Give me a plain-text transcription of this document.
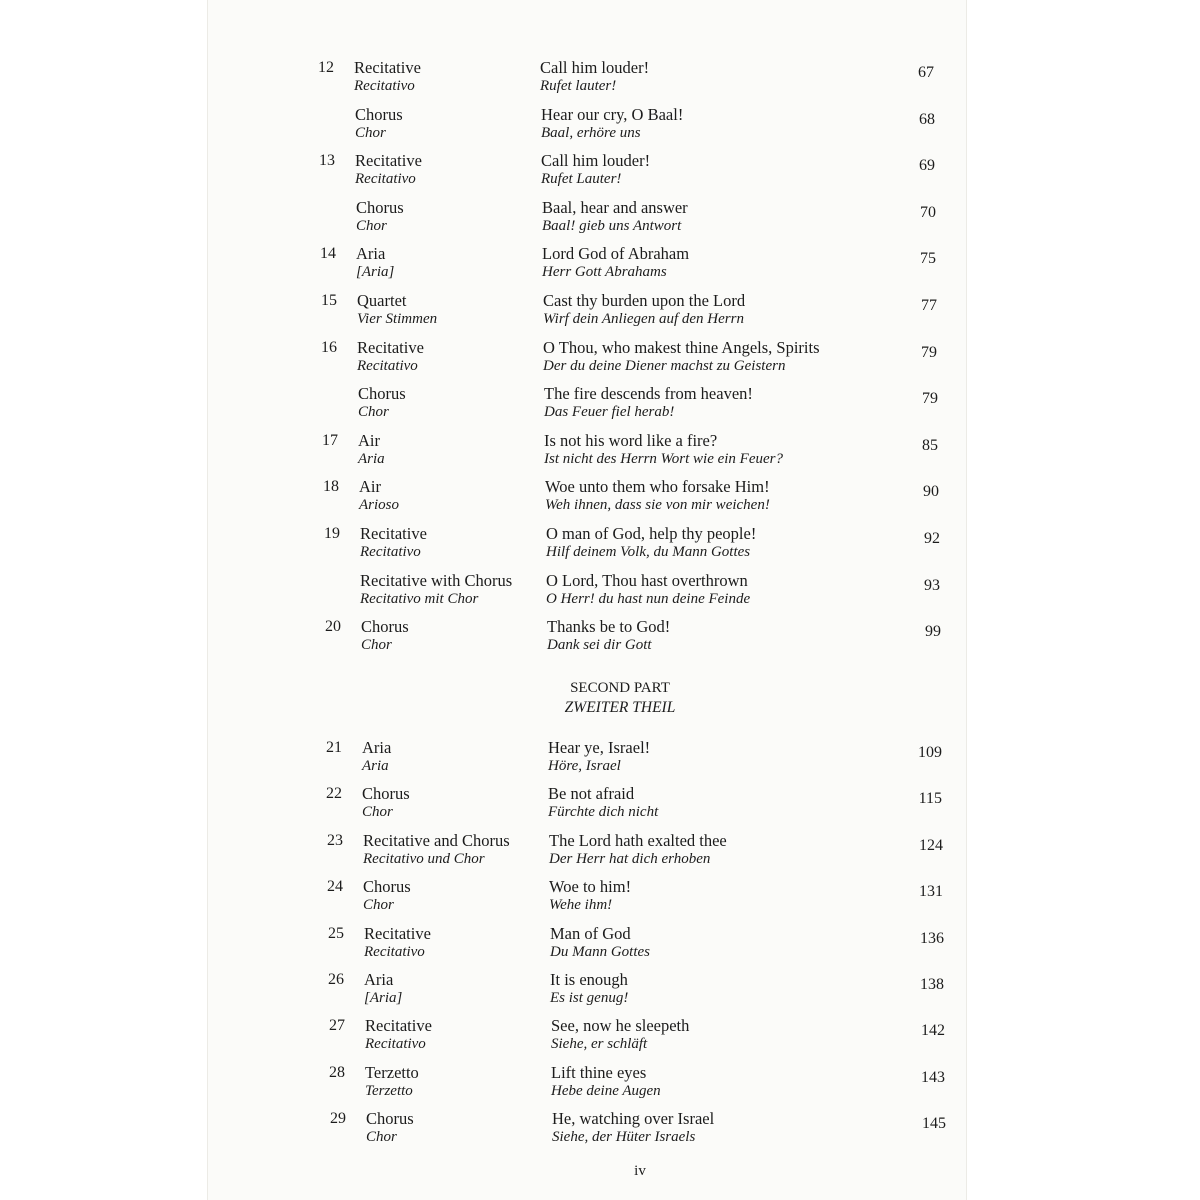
12 Recitative
Recitativo
Call him louder!
Rufet lauter!
67
Chorus
Chor
Hear our cry, O Baal!
Baal, erhöre uns
68
13 Recitative
Recitativo
Call him louder!
Rufet Lauter!
69
Chorus
Chor
Baal, hear and answer
Baal! gieb uns Antwort
70
14 Aria
[Aria]
Lord God of Abraham
Herr Gott Abrahams
75
15 Quartet
Vier Stimmen
Cast thy burden upon the Lord
Wirf dein Anliegen auf den Herrn
77
16 Recitative
Recitativo
O Thou, who makest thine Angels, Spirits
Der du deine Diener machst zu Geistern
79
Chorus
Chor
The fire descends from heaven!
Das Feuer fiel herab!
79
17 Air
Aria
Is not his word like a fire?
Ist nicht des Herrn Wort wie ein Feuer?
85
18 Air
Arioso
Woe unto them who forsake Him!
Weh ihnen, dass sie von mir weichen!
90
19 Recitative
Recitativo
O man of God, help thy people!
Hilf deinem Volk, du Mann Gottes
92
Recitative with Chorus
Recitativo mit Chor
O Lord, Thou hast overthrown
O Herr! du hast nun deine Feinde
93
20 Chorus
Chor
Thanks be to God!
Dank sei dir Gott
99
SECOND PART
ZWEITER THEIL
21 Aria
Aria
Hear ye, Israel!
Höre, Israel
109
22 Chorus
Chor
Be not afraid
Fürchte dich nicht
115
23 Recitative and Chorus
Recitativo und Chor
The Lord hath exalted thee
Der Herr hat dich erhoben
124
24 Chorus
Chor
Woe to him!
Wehe ihm!
131
25 Recitative
Recitativo
Man of God
Du Mann Gottes
136
26 Aria
[Aria]
It is enough
Es ist genug!
138
27 Recitative
Recitativo
See, now he sleepeth
Siehe, er schläft
142
28 Terzetto
Terzetto
Lift thine eyes
Hebe deine Augen
143
29 Chorus
Chor
He, watching over Israel
Siehe, der Hüter Israels
145
iv
